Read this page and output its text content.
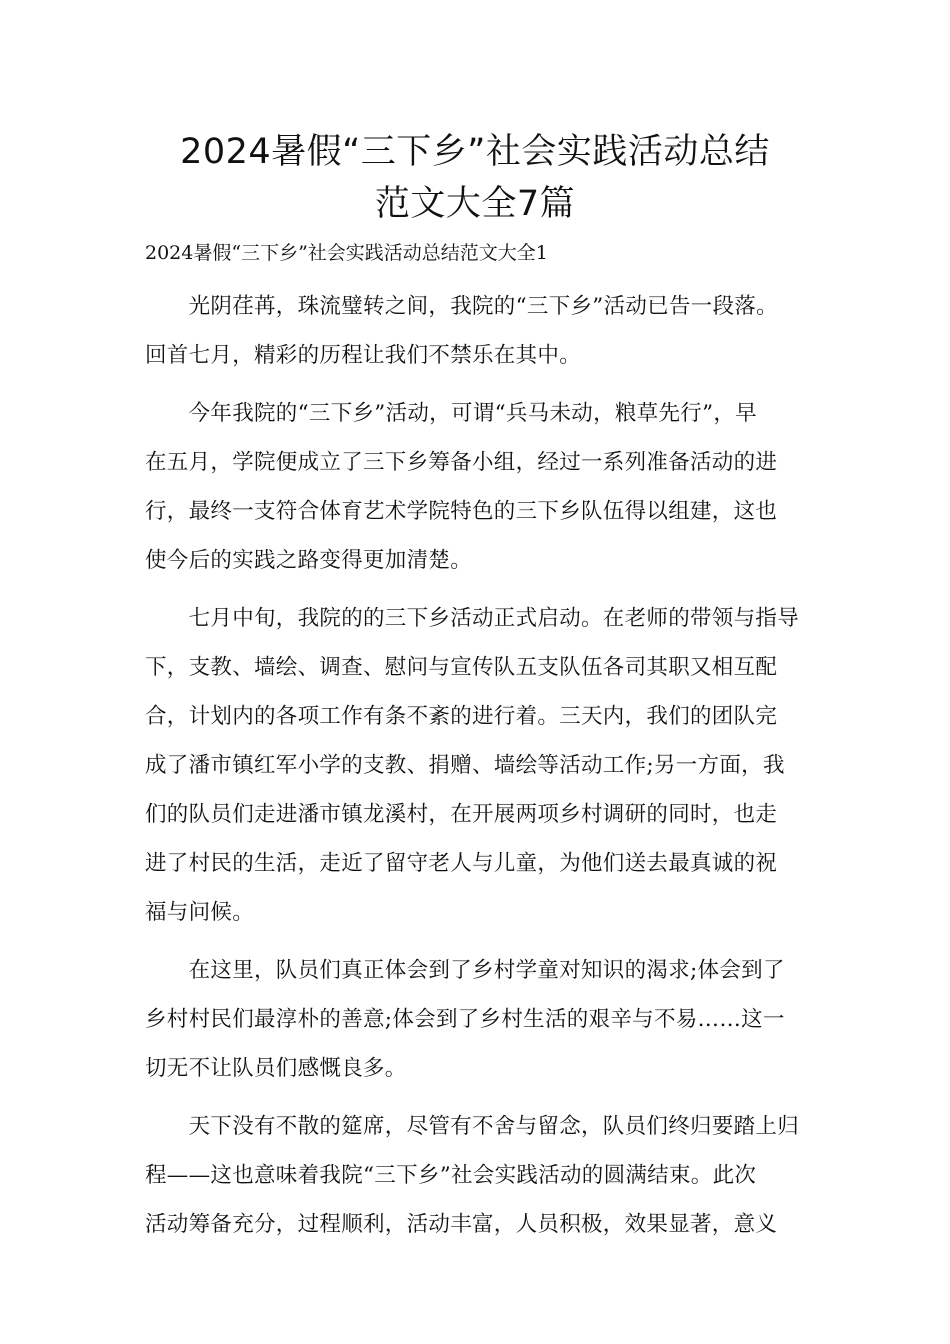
2024暑假“三下乡”社会实践活动总结
范文大全7篇
2024暑假“三下乡”社会实践活动总结范文大全1
　　光阴荏苒，珠流璧转之间，我院的“三下乡”活动已告一段落。
回首七月，精彩的历程让我们不禁乐在其中。
　　今年我院的“三下乡”活动，可谓“兵马未动，粮草先行”，早
在五月，学院便成立了三下乡筹备小组，经过一系列准备活动的进
行，最终一支符合体育艺术学院特色的三下乡队伍得以组建，这也
使今后的实践之路变得更加清楚。
　　七月中旬，我院的的三下乡活动正式启动。在老师的带领与指导
下，支教、墙绘、调查、慰问与宣传队五支队伍各司其职又相互配
合，计划内的各项工作有条不紊的进行着。三天内，我们的团队完
成了潘市镇红军小学的支教、捐赠、墙绘等活动工作;另一方面，我
们的队员们走进潘市镇龙溪村，在开展两项乡村调研的同时，也走
进了村民的生活，走近了留守老人与儿童，为他们送去最真诚的祝
福与问候。
　　在这里，队员们真正体会到了乡村学童对知识的渴求;体会到了
乡村村民们最淳朴的善意;体会到了乡村生活的艰辛与不易……这一
切无不让队员们感慨良多。
　　天下没有不散的筵席，尽管有不舍与留念，队员们终归要踏上归
程——这也意味着我院“三下乡”社会实践活动的圆满结束。此次
活动筹备充分，过程顺利，活动丰富，人员积极，效果显著，意义
